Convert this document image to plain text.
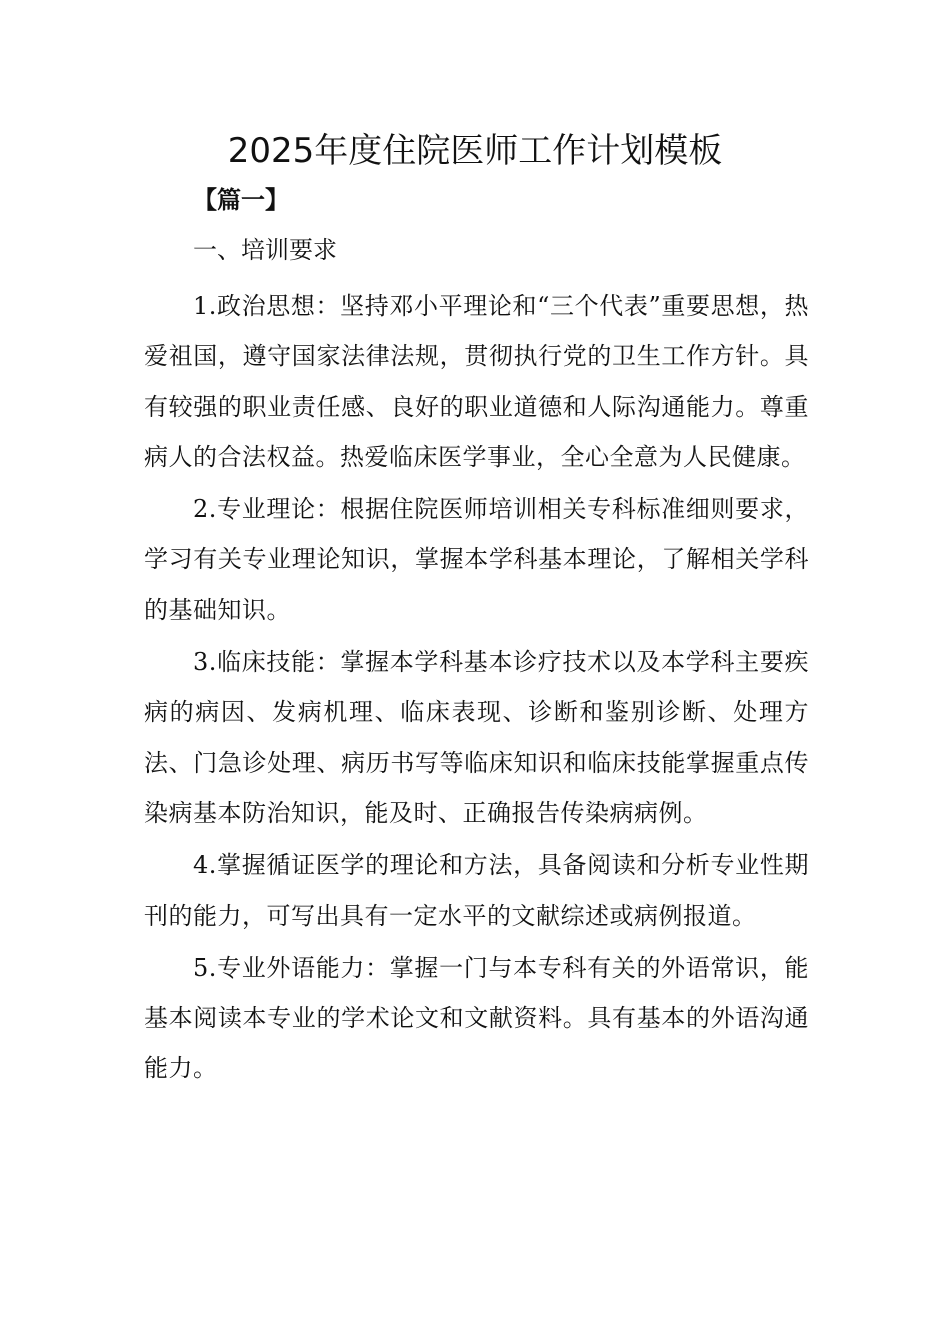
2025年度住院医师工作计划模板
【篇一】
一、培训要求

1.政治思想：坚持邓小平理论和“三个代表”重要思想，热爱祖国，遵守国家法律法规，贯彻执行党的卫生工作方针。具有较强的职业责任感、良好的职业道德和人际沟通能力。尊重病人的合法权益。热爱临床医学事业，全心全意为人民健康。

2.专业理论：根据住院医师培训相关专科标准细则要求，学习有关专业理论知识，掌握本学科基本理论，了解相关学科的基础知识。

3.临床技能：掌握本学科基本诊疗技术以及本学科主要疾病的病因、发病机理、临床表现、诊断和鉴别诊断、处理方法、门急诊处理、病历书写等临床知识和临床技能掌握重点传染病基本防治知识，能及时、正确报告传染病病例。

4.掌握循证医学的理论和方法，具备阅读和分析专业性期刊的能力，可写出具有一定水平的文献综述或病例报道。

5.专业外语能力：掌握一门与本专科有关的外语常识，能基本阅读本专业的学术论文和文献资料。具有基本的外语沟通能力。
